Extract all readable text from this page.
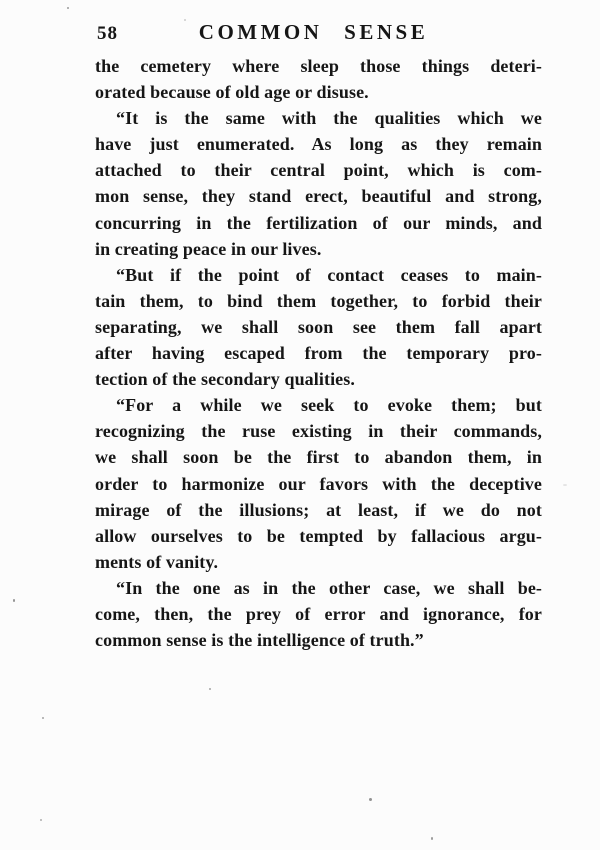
58	COMMON SENSE
the cemetery where sleep those things deteri-
orated because of old age or disuse.
“It is the same with the qualities which we
have just enumerated. As long as they remain
attached to their central point, which is com-
mon sense, they stand erect, beautiful and strong,
concurring in the fertilization of our minds, and
in creating peace in our lives.
“But if the point of contact ceases to main-
tain them, to bind them together, to forbid their
separating, we shall soon see them fall apart
after having escaped from the temporary pro-
tection of the secondary qualities.
“For a while we seek to evoke them; but
recognizing the ruse existing in their commands,
we shall soon be the first to abandon them, in
order to harmonize our favors with the deceptive
mirage of the illusions; at least, if we do not
allow ourselves to be tempted by fallacious argu-
ments of vanity.
“In the one as in the other case, we shall be-
come, then, the prey of error and ignorance, for
common sense is the intelligence of truth.”
